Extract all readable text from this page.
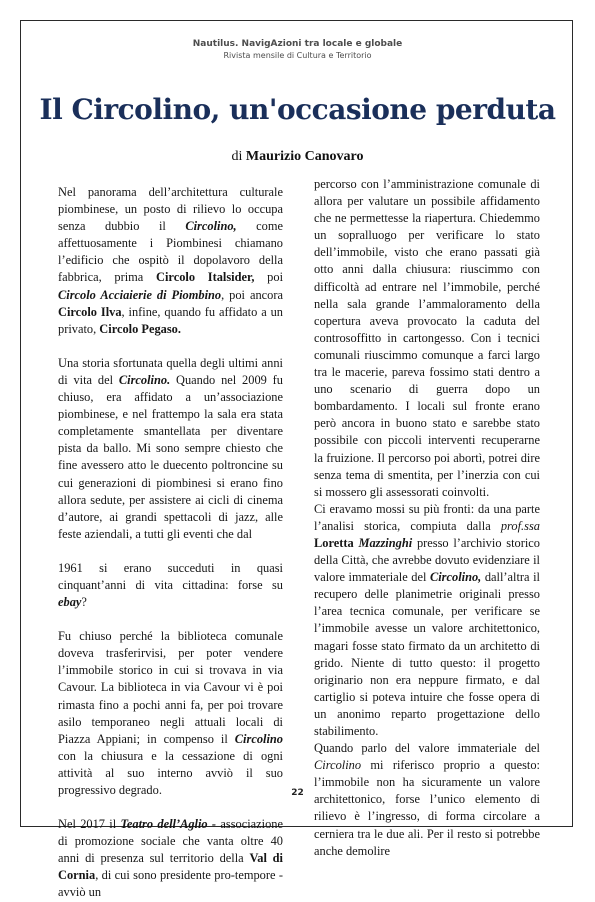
Nautilus. NavigAzioni tra locale e globale
Rivista mensile di Cultura e Territorio
Il Circolino, un'occasione perduta
di Maurizio Canovaro

Nel panorama dell’architettura culturale piombinese, un posto di rilievo lo occupa senza dubbio il Circolino, come affettuosamente i Piombinesi chiamano l’edificio che ospitò il dopolavoro della fabbrica, prima Circolo Italsider, poi Circolo Acciaierie di Piombino, poi ancora Circolo Ilva, infine, quando fu affidato a un privato, Circolo Pegaso.

Una storia sfortunata quella degli ultimi anni di vita del Circolino. Quando nel 2009 fu chiuso, era affidato a un’associazione piombinese, e nel frattempo la sala era stata completamente smantellata per diventare pista da ballo. Mi sono sempre chiesto che fine avessero atto le duecento poltroncine su cui generazioni di piombinesi si erano fino allora sedute, per assistere ai cicli di cinema d’autore, ai grandi spettacoli di jazz, alle feste aziendali, a tutti gli eventi che dal

1961 si erano succeduti in quasi cinquant’anni di vita cittadina: forse su ebay?

Fu chiuso perché la biblioteca comunale doveva trasferirvisi, per poter vendere l’immobile storico in cui si trovava in via Cavour. La biblioteca in via Cavour vi è poi rimasta fino a pochi anni fa, per poi trovare asilo temporaneo negli attuali locali di Piazza Appiani; in compenso il Circolino con la chiusura e la cessazione di ogni attività al suo interno avviò il suo progressivo degrado.

Nel 2017 il Teatro dell’Aglio - associazione di promozione sociale che vanta oltre 40 anni di presenza sul territorio della Val di Cornia, di cui sono presidente pro-tempore - avviò un

percorso con l’amministrazione comunale di allora per valutare un possibile affidamento che ne permettesse la riapertura. Chiedemmo un sopralluogo per verificare lo stato dell’immobile, visto che erano passati già otto anni dalla chiusura: riuscimmo con difficoltà ad entrare nel l’immobile, perché nella sala grande l’ammaloramento della copertura aveva provocato la caduta del controsoffitto in cartongesso. Con i tecnici comunali riuscimmo comunque a farci largo tra le macerie, pareva fossimo stati dentro a uno scenario di guerra dopo un bombardamento. I locali sul fronte erano però ancora in buono stato e sarebbe stato possibile con piccoli interventi recuperarne la fruizione. Il percorso poi abortì, potrei dire senza tema di smentita, per l’inerzia con cui si mossero gli assessorati coinvolti.

Ci eravamo mossi su più fronti: da una parte l’analisi storica, compiuta dalla prof.ssa Loretta Mazzinghi presso l’archivio storico della Città, che avrebbe dovuto evidenziare il valore immateriale del Circolino, dall’altra il recupero delle planimetrie originali presso l’area tecnica comunale, per verificare se l’immobile avesse un valore architettonico, magari fosse stato firmato da un architetto di grido. Niente di tutto questo: il progetto originario non era neppure firmato, e dal cartiglio si poteva intuire che fosse opera di un anonimo reparto progettazione dello stabilimento.

Quando parlo del valore immateriale del Circolino mi riferisco proprio a questo: l’immobile non ha sicuramente un valore architettonico, forse l’unico elemento di rilievo è l’ingresso, di forma circolare a cerniera tra le due ali. Per il resto si potrebbe anche demolire

22
